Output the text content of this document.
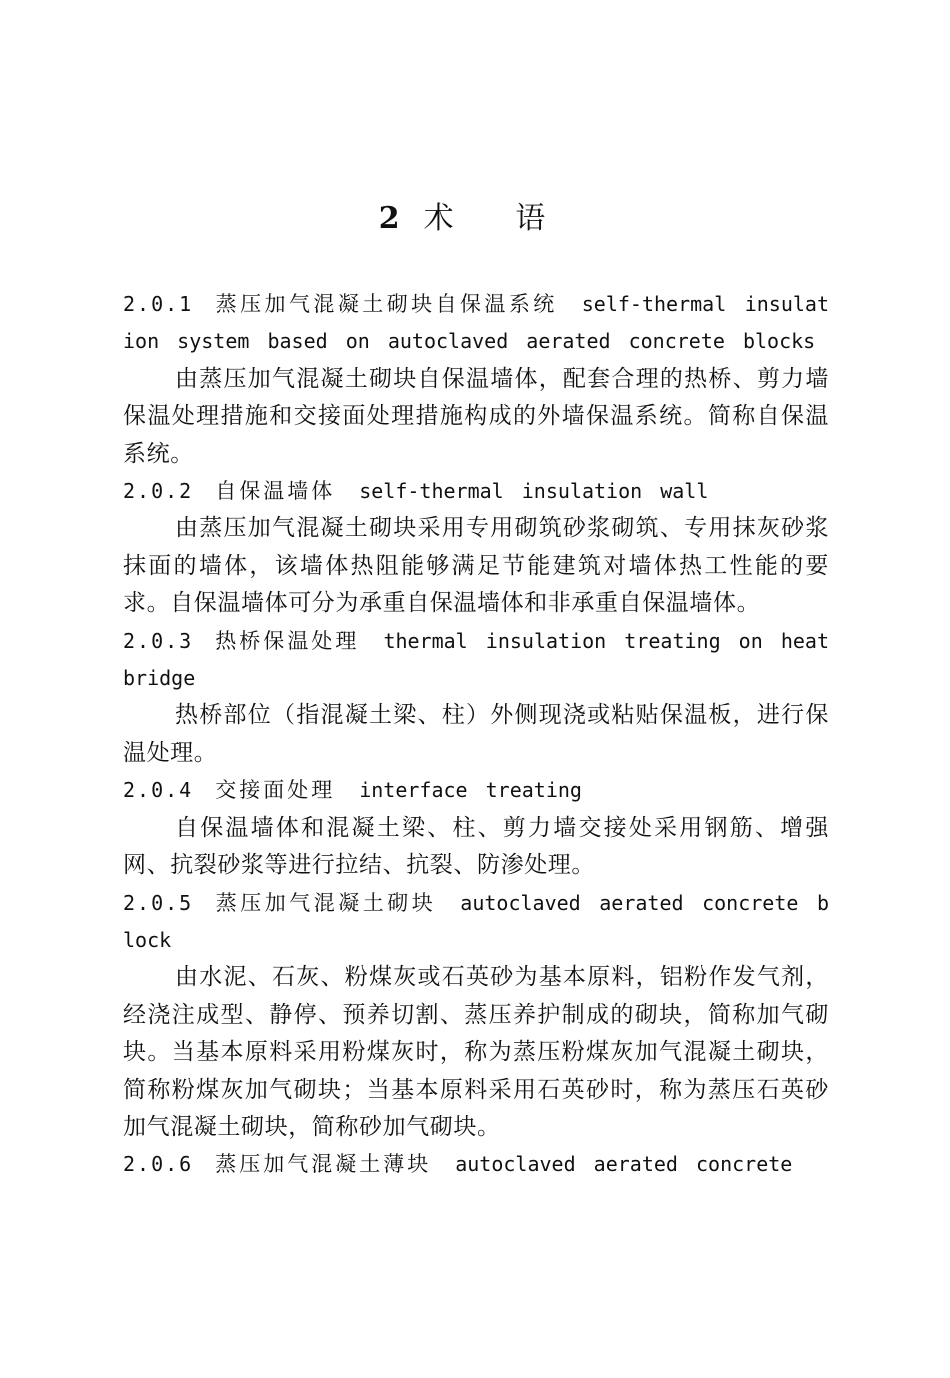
2 术 语
2.0.1 蒸压加气混凝土砌块自保温系统 self-thermal insulation system based on autoclaved aerated concrete blocks

由蒸压加气混凝土砌块自保温墙体，配套合理的热桥、剪力墙保温处理措施和交接面处理措施构成的外墙保温系统。简称自保温系统。

2.0.2 自保温墙体 self-thermal insulation wall

由蒸压加气混凝土砌块采用专用砌筑砂浆砌筑、专用抹灰砂浆抹面的墙体，该墙体热阻能够满足节能建筑对墙体热工性能的要求。自保温墙体可分为承重自保温墙体和非承重自保温墙体。

2.0.3 热桥保温处理 thermal insulation treating on heat bridge

热桥部位（指混凝土梁、柱）外侧现浇或粘贴保温板，进行保温处理。

2.0.4 交接面处理 interface treating

自保温墙体和混凝土梁、柱、剪力墙交接处采用钢筋、增强网、抗裂砂浆等进行拉结、抗裂、防渗处理。

2.0.5 蒸压加气混凝土砌块 autoclaved aerated concrete block

由水泥、石灰、粉煤灰或石英砂为基本原料，铝粉作发气剂，经浇注成型、静停、预养切割、蒸压养护制成的砌块，简称加气砌块。当基本原料采用粉煤灰时，称为蒸压粉煤灰加气混凝土砌块，简称粉煤灰加气砌块；当基本原料采用石英砂时，称为蒸压石英砂加气混凝土砌块，简称砂加气砌块。

2.0.6 蒸压加气混凝土薄块 autoclaved aerated concrete
